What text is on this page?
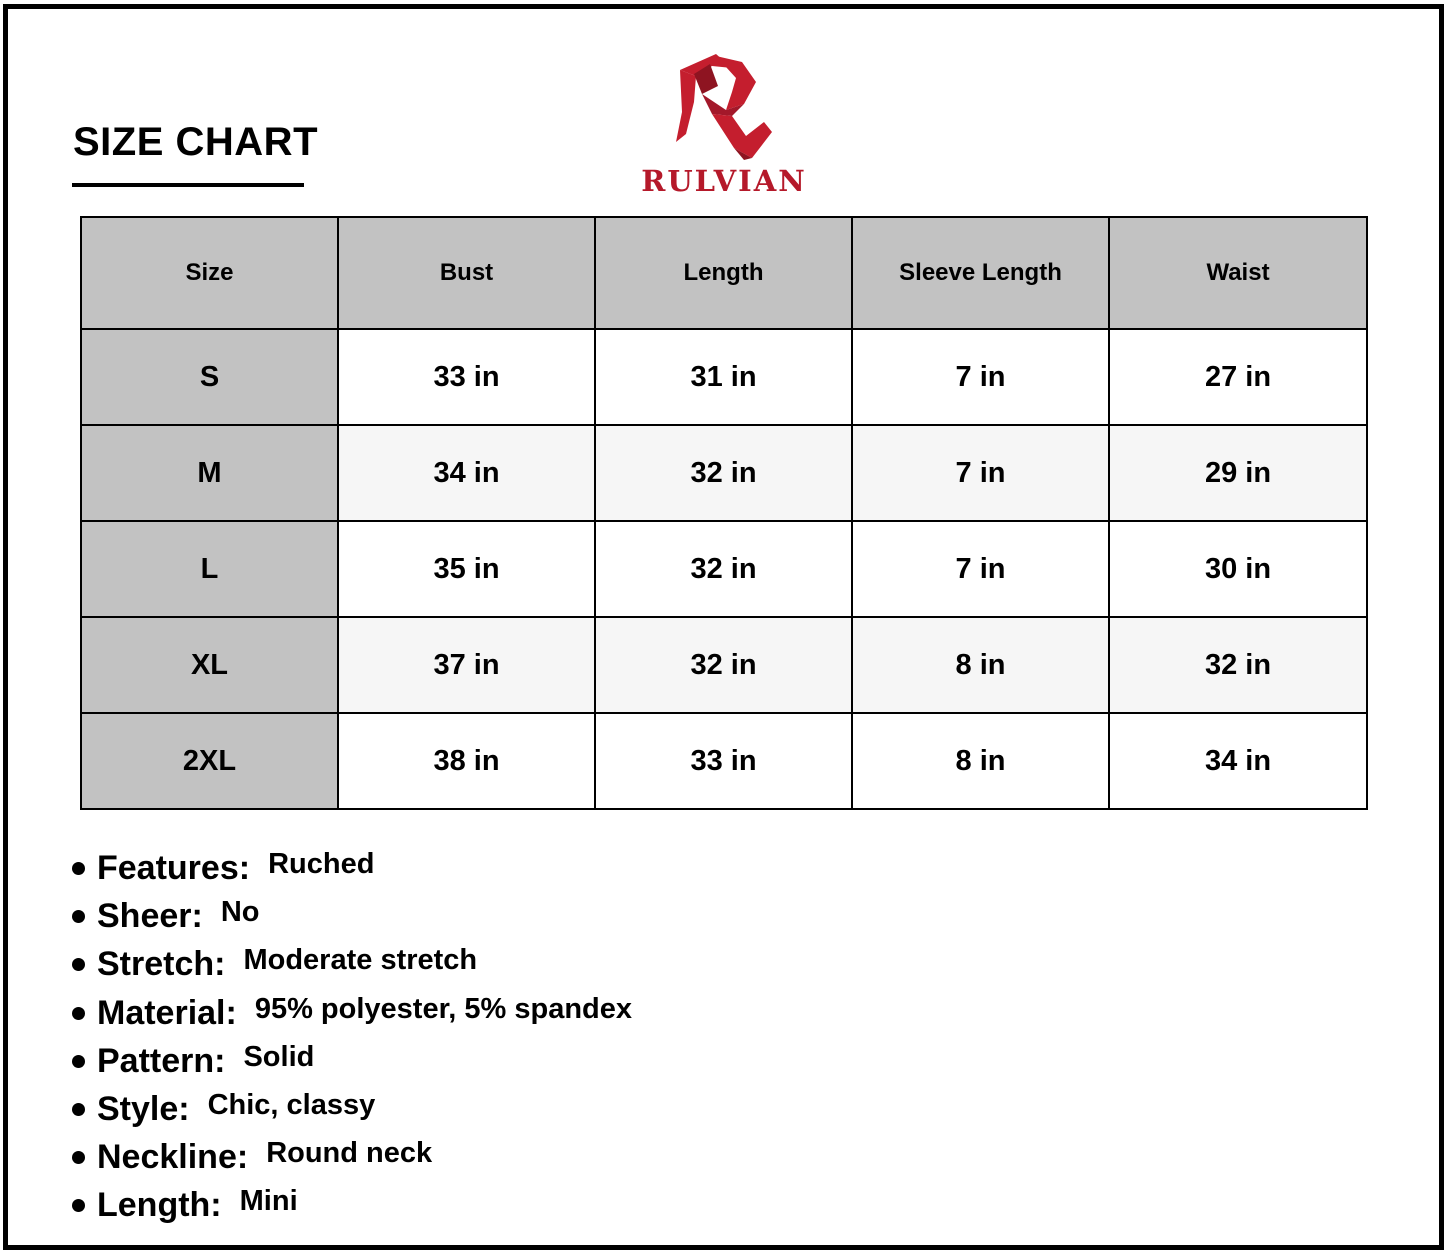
SIZE CHART
RULVIAN
Size	Bust	Length	Sleeve Length	Waist
S	33 in	31 in	7 in	27 in
M	34 in	32 in	7 in	29 in
L	35 in	32 in	7 in	30 in
XL	37 in	32 in	8 in	32 in
2XL	38 in	33 in	8 in	34 in
Features: Ruched
Sheer: No
Stretch: Moderate stretch
Material: 95% polyester, 5% spandex
Pattern: Solid
Style: Chic, classy
Neckline: Round neck
Length: Mini
